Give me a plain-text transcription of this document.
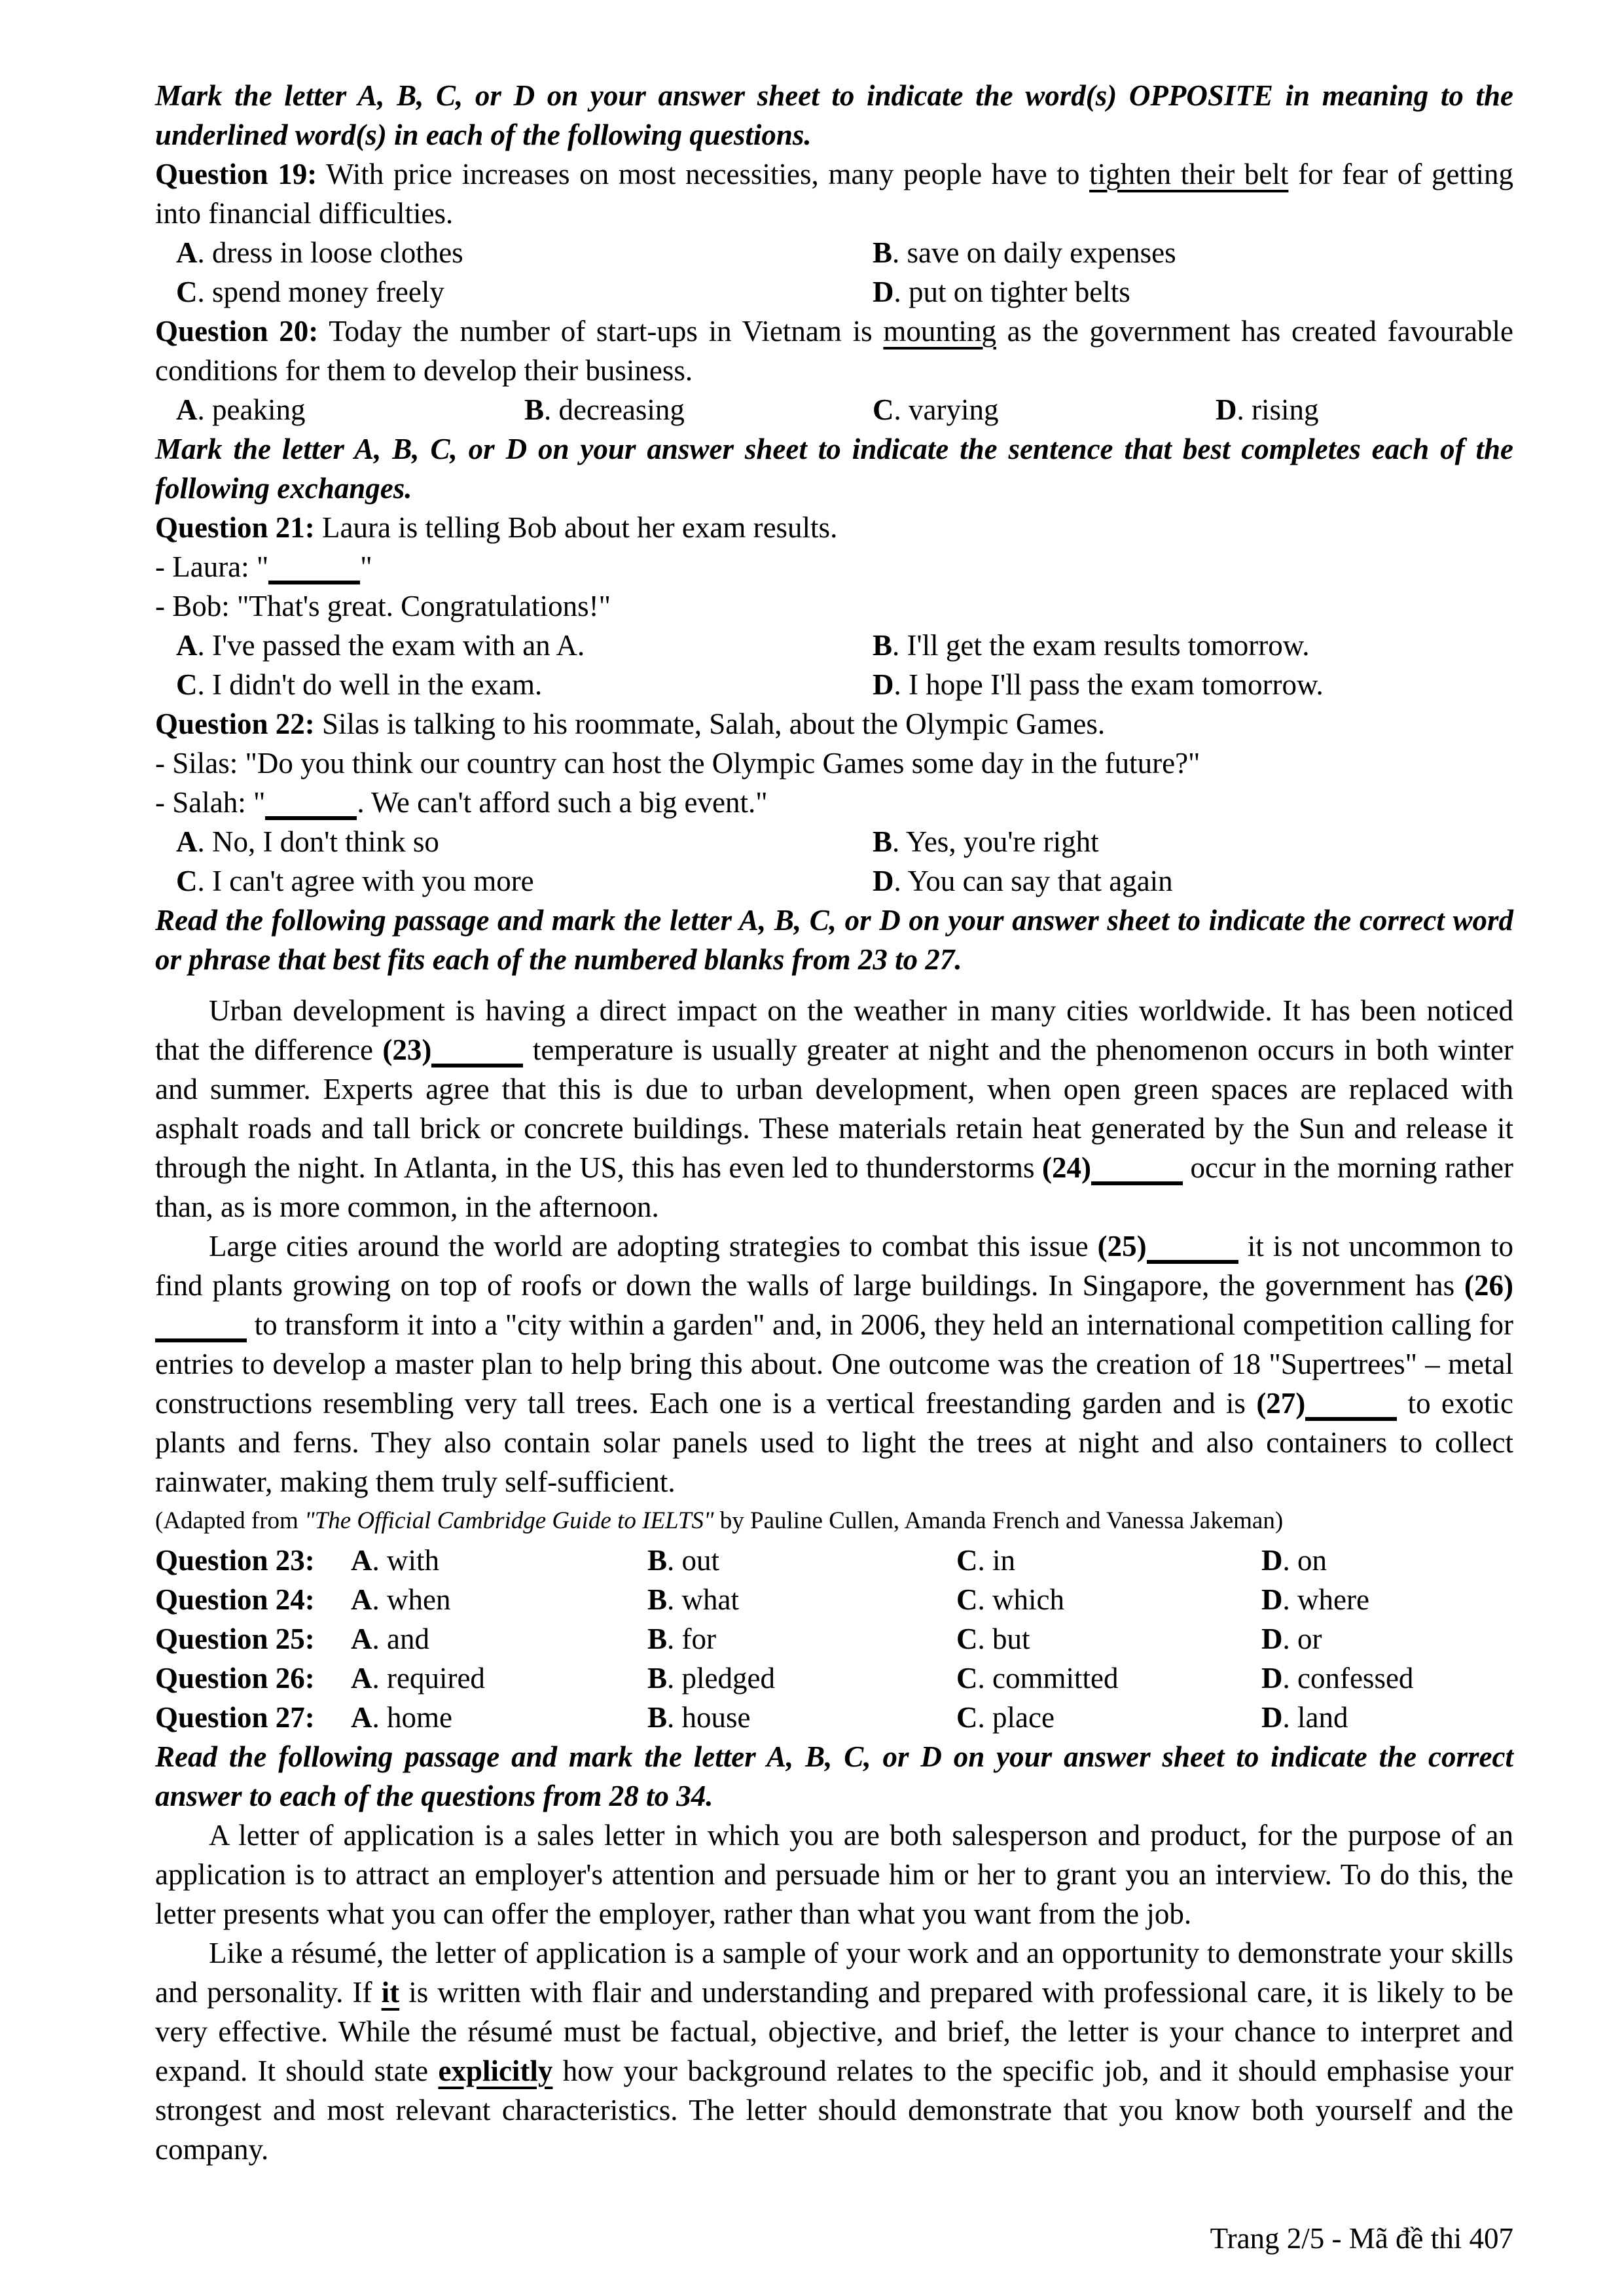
Mark the letter A, B, C, or D on your answer sheet to indicate the word(s) OPPOSITE in meaning to the underlined word(s) in each of the following questions.

Question 19: With price increases on most necessities, many people have to tighten their belt for fear of getting into financial difficulties.

A. dress in loose clothes	B. save on daily expenses
C. spend money freely	D. put on tighter belts

Question 20: Today the number of start-ups in Vietnam is mounting as the government has created favourable conditions for them to develop their business.

A. peaking	B. decreasing	C. varying	D. rising

Mark the letter A, B, C, or D on your answer sheet to indicate the sentence that best completes each of the following exchanges.

Question 21: Laura is telling Bob about her exam results.

- Laura: "	"

- Bob: "That's great. Congratulations!"

A. I've passed the exam with an A.	B. I'll get the exam results tomorrow.
C. I didn't do well in the exam.	D. I hope I'll pass the exam tomorrow.

Question 22: Silas is talking to his roommate, Salah, about the Olympic Games.

- Silas: "Do you think our country can host the Olympic Games some day in the future?"

- Salah: "	. We can't afford such a big event."

A. No, I don't think so	B. Yes, you're right
C. I can't agree with you more	D. You can say that again

Read the following passage and mark the letter A, B, C, or D on your answer sheet to indicate the correct word or phrase that best fits each of the numbered blanks from 23 to 27.

Urban development is having a direct impact on the weather in many cities worldwide. It has been noticed that the difference (23)	temperature is usually greater at night and the phenomenon occurs in both winter and summer. Experts agree that this is due to urban development, when open green spaces are replaced with asphalt roads and tall brick or concrete buildings. These materials retain heat generated by the Sun and release it through the night. In Atlanta, in the US, this has even led to thunderstorms (24)	occur in the morning rather than, as is more common, in the afternoon.

Large cities around the world are adopting strategies to combat this issue (25)	it is not uncommon to find plants growing on top of roofs or down the walls of large buildings. In Singapore, the government has (26) to transform it into a "city within a garden" and, in 2006, they held an international competition calling for entries to develop a master plan to help bring this about. One outcome was the creation of 18 "Supertrees" – metal constructions resembling very tall trees. Each one is a vertical freestanding garden and is (27)	to exotic plants and ferns. They also contain solar panels used to light the trees at night and also containers to collect rainwater, making them truly self-sufficient.

(Adapted from "The Official Cambridge Guide to IELTS" by Pauline Cullen, Amanda French and Vanessa Jakeman)

Question 23: A. with	B. out	C. in	D. on
Question 24: A. when	B. what	C. which	D. where
Question 25: A. and	B. for	C. but	D. or
Question 26: A. required	B. pledged	C. committed	D. confessed
Question 27: A. home	B. house	C. place	D. land

Read the following passage and mark the letter A, B, C, or D on your answer sheet to indicate the correct answer to each of the questions from 28 to 34.

A letter of application is a sales letter in which you are both salesperson and product, for the purpose of an application is to attract an employer's attention and persuade him or her to grant you an interview. To do this, the letter presents what you can offer the employer, rather than what you want from the job.

Like a résumé, the letter of application is a sample of your work and an opportunity to demonstrate your skills and personality. If it is written with flair and understanding and prepared with professional care, it is likely to be very effective. While the résumé must be factual, objective, and brief, the letter is your chance to interpret and expand. It should state explicitly how your background relates to the specific job, and it should emphasise your strongest and most relevant characteristics. The letter should demonstrate that you know both yourself and the company.

Trang 2/5 - Mã đề thi 407
